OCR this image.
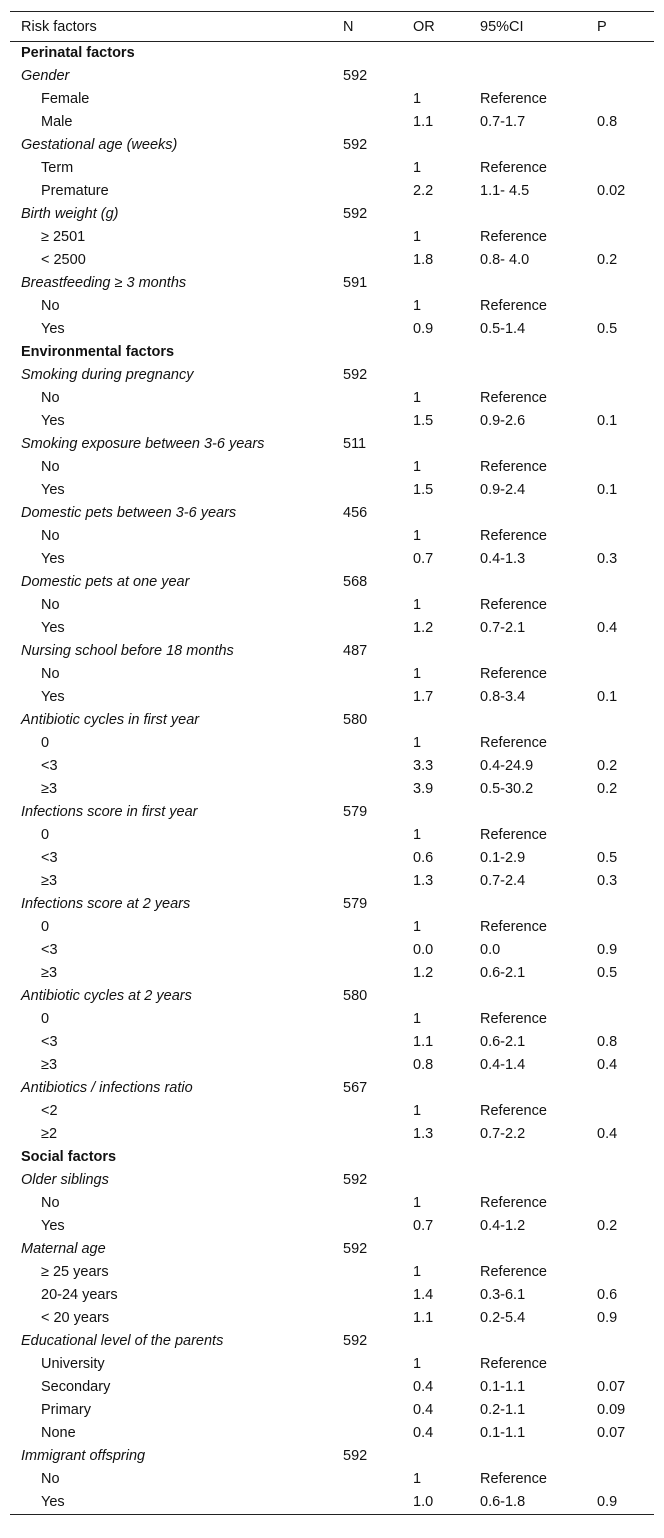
Risk factors	N	OR	95%CI	P
Perinatal factors				
Gender	592			
Female		1	Reference	
Male		1.1	0.7-1.7	0.8
Gestational age (weeks)	592			
Term		1	Reference	
Premature		2.2	1.1- 4.5	0.02
Birth weight (g)	592			
≥ 2501		1	Reference	
< 2500		1.8	0.8- 4.0	0.2
Breastfeeding ≥ 3 months	591			
No		1	Reference	
Yes		0.9	0.5-1.4	0.5
Environmental factors				
Smoking during pregnancy	592			
No		1	Reference	
Yes		1.5	0.9-2.6	0.1
Smoking exposure between 3-6 years	511			
No		1	Reference	
Yes		1.5	0.9-2.4	0.1
Domestic pets between 3-6 years	456			
No		1	Reference	
Yes		0.7	0.4-1.3	0.3
Domestic pets at one year	568			
No		1	Reference	
Yes		1.2	0.7-2.1	0.4
Nursing school before 18 months	487			
No		1	Reference	
Yes		1.7	0.8-3.4	0.1
Antibiotic cycles in first year	580			
0		1	Reference	
<3		3.3	0.4-24.9	0.2
≥3		3.9	0.5-30.2	0.2
Infections score in first year	579			
0		1	Reference	
<3		0.6	0.1-2.9	0.5
≥3		1.3	0.7-2.4	0.3
Infections score at 2 years	579			
0		1	Reference	
<3		0.0	0.0	0.9
≥3		1.2	0.6-2.1	0.5
Antibiotic cycles at 2 years	580			
0		1	Reference	
<3		1.1	0.6-2.1	0.8
≥3		0.8	0.4-1.4	0.4
Antibiotics / infections ratio	567			
<2		1	Reference	
≥2		1.3	0.7-2.2	0.4
Social factors				
Older siblings	592			
No		1	Reference	
Yes		0.7	0.4-1.2	0.2
Maternal age	592			
≥ 25 years		1	Reference	
20-24 years		1.4	0.3-6.1	0.6
< 20 years		1.1	0.2-5.4	0.9
Educational level of the parents	592			
University		1	Reference	
Secondary		0.4	0.1-1.1	0.07
Primary		0.4	0.2-1.1	0.09
None		0.4	0.1-1.1	0.07
Immigrant offspring	592			
No		1	Reference	
Yes		1.0	0.6-1.8	0.9
